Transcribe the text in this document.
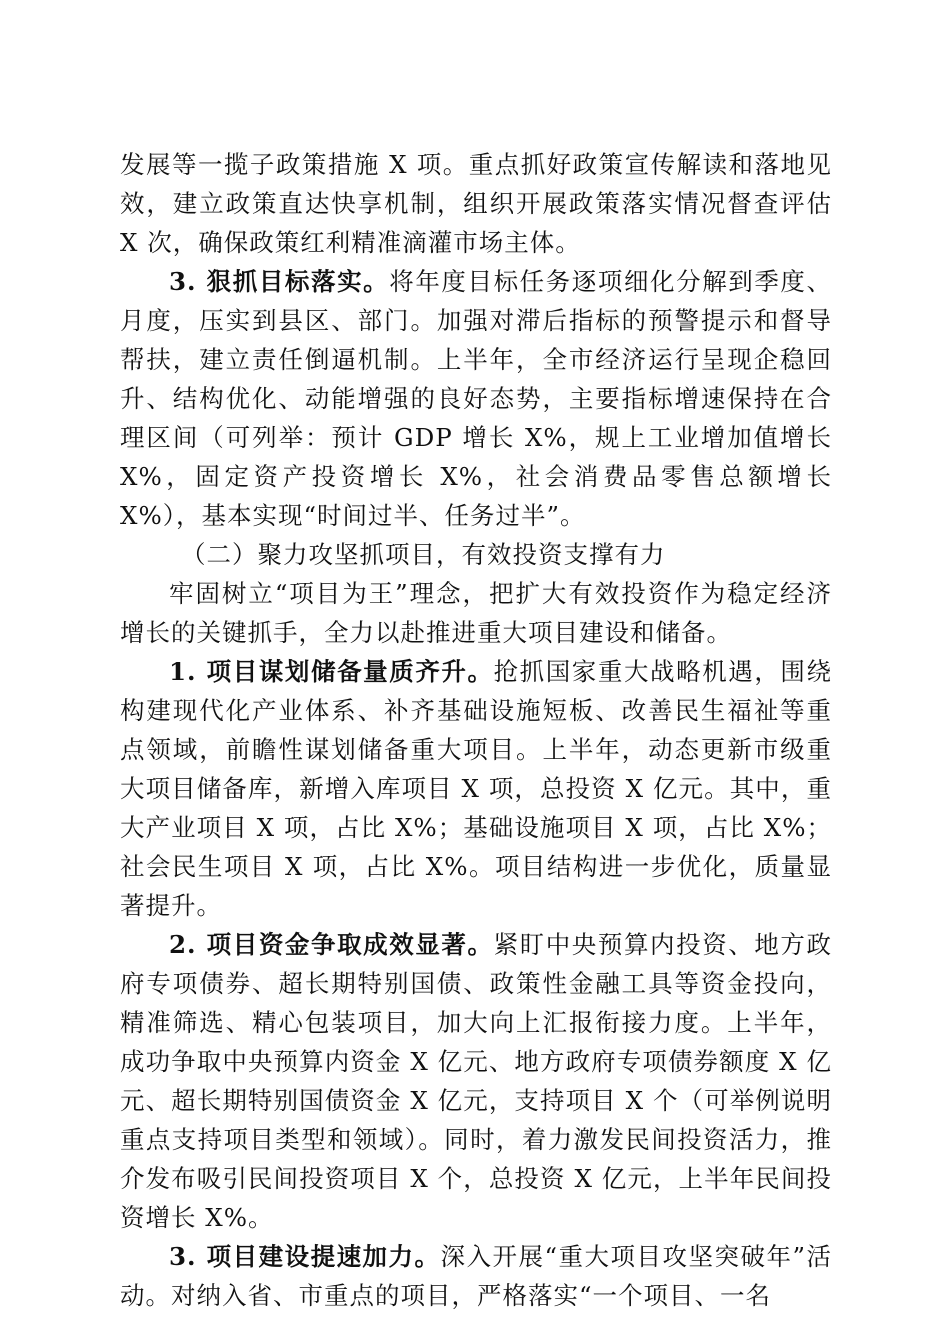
发展等一揽子政策措施 X 项。重点抓好政策宣传解读和落地见效，建立政策直达快享机制，组织开展政策落实情况督查评估 X 次，确保政策红利精准滴灌市场主体。

3. 狠抓目标落实。将年度目标任务逐项细化分解到季度、月度，压实到县区、部门。加强对滞后指标的预警提示和督导帮扶，建立责任倒逼机制。上半年，全市经济运行呈现企稳回升、结构优化、动能增强的良好态势，主要指标增速保持在合理区间（可列举：预计 GDP 增长 X%，规上工业增加值增长 X%，固定资产投资增长 X%，社会消费品零售总额增长 X%），基本实现“时间过半、任务过半”。

（二）聚力攻坚抓项目，有效投资支撑有力

牢固树立“项目为王”理念，把扩大有效投资作为稳定经济增长的关键抓手，全力以赴推进重大项目建设和储备。

1. 项目谋划储备量质齐升。抢抓国家重大战略机遇，围绕构建现代化产业体系、补齐基础设施短板、改善民生福祉等重点领域，前瞻性谋划储备重大项目。上半年，动态更新市级重大项目储备库，新增入库项目 X 项，总投资 X 亿元。其中，重大产业项目 X 项，占比 X%；基础设施项目 X 项，占比 X%；社会民生项目 X 项，占比 X%。项目结构进一步优化，质量显著提升。

2. 项目资金争取成效显著。紧盯中央预算内投资、地方政府专项债券、超长期特别国债、政策性金融工具等资金投向，精准筛选、精心包装项目，加大向上汇报衔接力度。上半年，成功争取中央预算内资金 X 亿元、地方政府专项债券额度 X 亿元、超长期特别国债资金 X 亿元，支持项目 X 个（可举例说明重点支持项目类型和领域）。同时，着力激发民间投资活力，推介发布吸引民间投资项目 X 个，总投资 X 亿元，上半年民间投资增长 X%。

3. 项目建设提速加力。深入开展“重大项目攻坚突破年”活动。对纳入省、市重点的项目，严格落实“一个项目、一名
